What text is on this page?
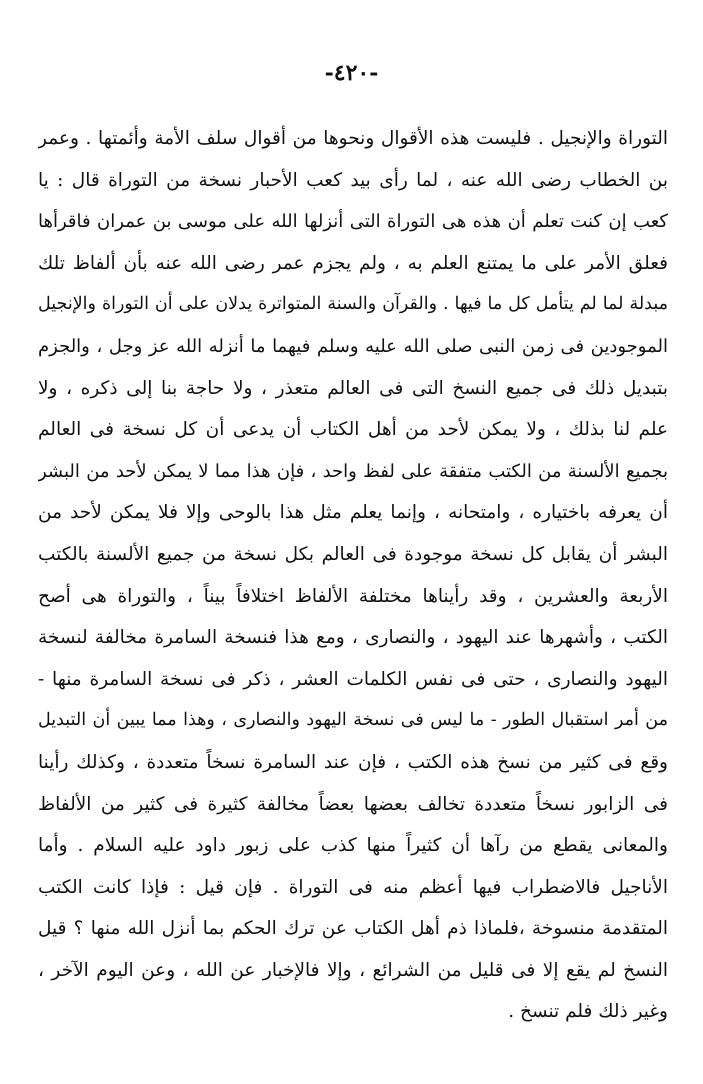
-٤٢٠-
التوراة والإنجيل . فليست هذه الأقوال ونحوها من أقوال سلف الأمة وأئمتها . وعمر
بن الخطاب رضى الله عنه ، لما رأى بيد كعب الأحبار نسخة من التوراة قال : يا
كعب إن كنت تعلم أن هذه هى التوراة التى أنزلها الله على موسى بن عمران فاقرأها
فعلق الأمر على ما يمتنع العلم به ، ولم يجزم عمر رضى الله عنه بأن ألفاظ تلك
مبدلة لما لم يتأمل كل ما فيها . والقرآن والسنة المتواترة يدلان على أن التوراة والإنجيل
الموجودين فى زمن النبى صلى الله عليه وسلم فيهما ما أنزله الله عز وجل ، والجزم
بتبديل ذلك فى جميع النسخ التى فى العالم متعذر ، ولا حاجة بنا إلى ذكره ، ولا
علم لنا بذلك ، ولا يمكن لأحد من أهل الكتاب أن يدعى أن كل نسخة فى العالم
بجميع الألسنة من الكتب متفقة على لفظ واحد ، فإن هذا مما لا يمكن لأحد من البشر
أن يعرفه باختياره ، وامتحانه ، وإنما يعلم مثل هذا بالوحى وإلا فلا يمكن لأحد من
البشر أن يقابل كل نسخة موجودة فى العالم بكل نسخة من جميع الألسنة بالكتب
الأربعة والعشرين ، وقد رأيناها مختلفة الألفاظ اختلافاً بيناً ، والتوراة هى أصح
الكتب ، وأشهرها عند اليهود ، والنصارى ، ومع هذا فنسخة السامرة مخالفة لنسخة
اليهود والنصارى ، حتى فى نفس الكلمات العشر ، ذكر فى نسخة السامرة منها -
من أمر استقبال الطور - ما ليس فى نسخة اليهود والنصارى ، وهذا مما يبين أن التبديل
وقع فى كثير من نسخ هذه الكتب ، فإن عند السامرة نسخاً متعددة ، وكذلك رأينا
فى الزابور نسخاً متعددة تخالف بعضها بعضاً مخالفة كثيرة فى كثير من الألفاظ
والمعانى يقطع من رآها أن كثيراً منها كذب على زبور داود عليه السلام . وأما
الأناجيل فالاضطراب فيها أعظم منه فى التوراة . فإن قيل : فإذا كانت الكتب
المتقدمة منسوخة ،فلماذا ذم أهل الكتاب عن ترك الحكم بما أنزل الله منها ؟ قيل
النسخ لم يقع إلا فى قليل من الشرائع ، وإلا فالإخبار عن الله ، وعن اليوم الآخر ،
وغير ذلك فلم تنسخ .
